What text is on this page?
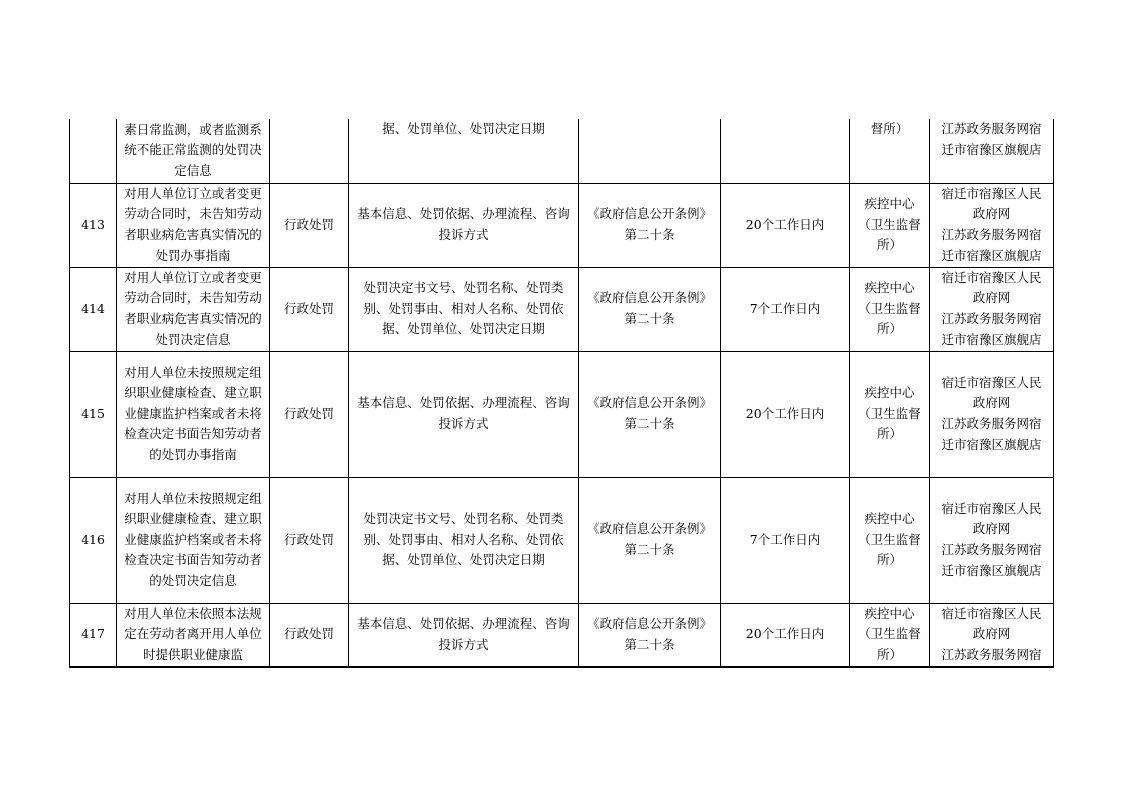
	素日常监测，或者监测系统不能正常监测的处罚决定信息		据、处罚单位、处罚决定日期			督所）	江苏政务服务网宿
迁市宿豫区旗舰店

413	对用人单位订立或者变更劳动合同时，未告知劳动者职业病危害真实情况的处罚办事指南	行政处罚	基本信息、处罚依据、办理流程、咨询投诉方式	《政府信息公开条例》第二十条	20个工作日内	疾控中心（卫生监督所）	宿迁市宿豫区人民
政府网
江苏政务服务网宿
迁市宿豫区旗舰店

414	对用人单位订立或者变更劳动合同时，未告知劳动者职业病危害真实情况的处罚决定信息	行政处罚	处罚决定书文号、处罚名称、处罚类别、处罚事由、相对人名称、处罚依据、处罚单位、处罚决定日期	《政府信息公开条例》第二十条	7个工作日内	疾控中心（卫生监督所）	宿迁市宿豫区人民
政府网
江苏政务服务网宿
迁市宿豫区旗舰店

415	对用人单位未按照规定组织职业健康检查、建立职业健康监护档案或者未将检查决定书面告知劳动者的处罚办事指南	行政处罚	基本信息、处罚依据、办理流程、咨询投诉方式	《政府信息公开条例》第二十条	20个工作日内	疾控中心（卫生监督所）	宿迁市宿豫区人民
政府网
江苏政务服务网宿
迁市宿豫区旗舰店

416	对用人单位未按照规定组织职业健康检查、建立职业健康监护档案或者未将检查决定书面告知劳动者的处罚决定信息	行政处罚	处罚决定书文号、处罚名称、处罚类别、处罚事由、相对人名称、处罚依据、处罚单位、处罚决定日期	《政府信息公开条例》第二十条	7个工作日内	疾控中心（卫生监督所）	宿迁市宿豫区人民
政府网
江苏政务服务网宿
迁市宿豫区旗舰店

417	对用人单位未依照本法规定在劳动者离开用人单位时提供职业健康监	行政处罚	基本信息、处罚依据、办理流程、咨询投诉方式	《政府信息公开条例》第二十条	20个工作日内	疾控中心（卫生监督所）	宿迁市宿豫区人民
政府网
江苏政务服务网宿
